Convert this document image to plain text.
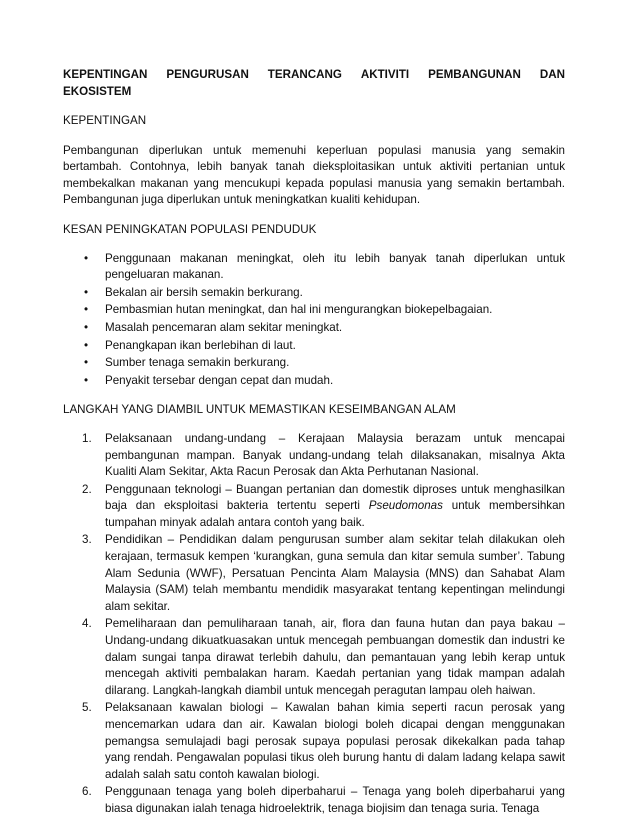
KEPENTINGAN PENGURUSAN TERANCANG AKTIVITI PEMBANGUNAN DAN
EKOSISTEM
KEPENTINGAN
Pembangunan diperlukan untuk memenuhi keperluan populasi manusia yang semakin bertambah. Contohnya, lebih banyak tanah dieksploitasikan untuk aktiviti pertanian untuk membekalkan makanan yang mencukupi kepada populasi manusia yang semakin bertambah. Pembangunan juga diperlukan untuk meningkatkan kualiti kehidupan.
KESAN PENINGKATAN POPULASI PENDUDUK
• Penggunaan makanan meningkat, oleh itu lebih banyak tanah diperlukan untuk pengeluaran makanan.
• Bekalan air bersih semakin berkurang.
• Pembasmian hutan meningkat, dan hal ini mengurangkan biokepelbagaian.
• Masalah pencemaran alam sekitar meningkat.
• Penangkapan ikan berlebihan di laut.
• Sumber tenaga semakin berkurang.
• Penyakit tersebar dengan cepat dan mudah.
LANGKAH YANG DIAMBIL UNTUK MEMASTIKAN KESEIMBANGAN ALAM
1. Pelaksanaan undang-undang – Kerajaan Malaysia berazam untuk mencapai pembangunan mampan. Banyak undang-undang telah dilaksanakan, misalnya Akta Kualiti Alam Sekitar, Akta Racun Perosak dan Akta Perhutanan Nasional.
2. Penggunaan teknologi – Buangan pertanian dan domestik diproses untuk menghasilkan baja dan eksploitasi bakteria tertentu seperti Pseudomonas untuk membersihkan tumpahan minyak adalah antara contoh yang baik.
3. Pendidikan – Pendidikan dalam pengurusan sumber alam sekitar telah dilakukan oleh kerajaan, termasuk kempen ‘kurangkan, guna semula dan kitar semula sumber’. Tabung Alam Sedunia (WWF), Persatuan Pencinta Alam Malaysia (MNS) dan Sahabat Alam Malaysia (SAM) telah membantu mendidik masyarakat tentang kepentingan melindungi alam sekitar.
4. Pemeliharaan dan pemuliharaan tanah, air, flora dan fauna hutan dan paya bakau – Undang-undang dikuatkuasakan untuk mencegah pembuangan domestik dan industri ke dalam sungai tanpa dirawat terlebih dahulu, dan pemantauan yang lebih kerap untuk mencegah aktiviti pembalakan haram. Kaedah pertanian yang tidak mampan adalah dilarang. Langkah-langkah diambil untuk mencegah peragutan lampau oleh haiwan.
5. Pelaksanaan kawalan biologi – Kawalan bahan kimia seperti racun perosak yang mencemarkan udara dan air. Kawalan biologi boleh dicapai dengan menggunakan pemangsa semulajadi bagi perosak supaya populasi perosak dikekalkan pada tahap yang rendah. Pengawalan populasi tikus oleh burung hantu di dalam ladang kelapa sawit adalah salah satu contoh kawalan biologi.
6. Penggunaan tenaga yang boleh diperbaharui – Tenaga yang boleh diperbaharui yang biasa digunakan ialah tenaga hidroelektrik, tenaga biojisim dan tenaga suria. Tenaga
